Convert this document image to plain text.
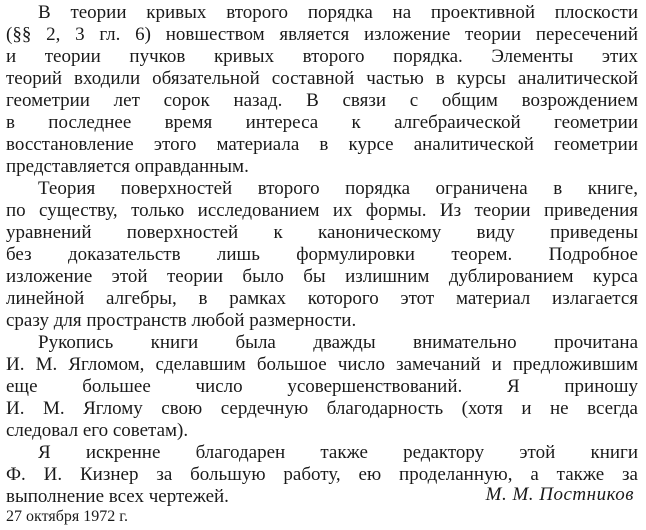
В теории кривых второго порядка на проективной плоскости
(§§ 2, 3 гл. 6) новшеством является изложение теории пересечений
и теории пучков кривых второго порядка. Элементы этих
теорий входили обязательной составной частью в курсы аналитической
геометрии лет сорок назад. В связи с общим возрождением
в последнее время интереса к алгебраической геометрии
восстановление этого материала в курсе аналитической геометрии
представляется оправданным.
Теория поверхностей второго порядка ограничена в книге,
по существу, только исследованием их формы. Из теории приведения
уравнений поверхностей к каноническому виду приведены
без доказательств лишь формулировки теорем. Подробное
изложение этой теории было бы излишним дублированием курса
линейной алгебры, в рамках которого этот материал излагается
сразу для пространств любой размерности.
Рукопись книги была дважды внимательно прочитана
И. М. Ягломом, сделавшим большое число замечаний и предложившим
еще большее число усовершенствований. Я приношу
И. М. Яглому свою сердечную благодарность (хотя и не всегда
следовал его советам).
Я искренне благодарен также редактору этой книги
Ф. И. Кизнер за большую работу, ею проделанную, а также за
выполнение всех чертежей.	М. М. Постников
27 октября 1972 г.
